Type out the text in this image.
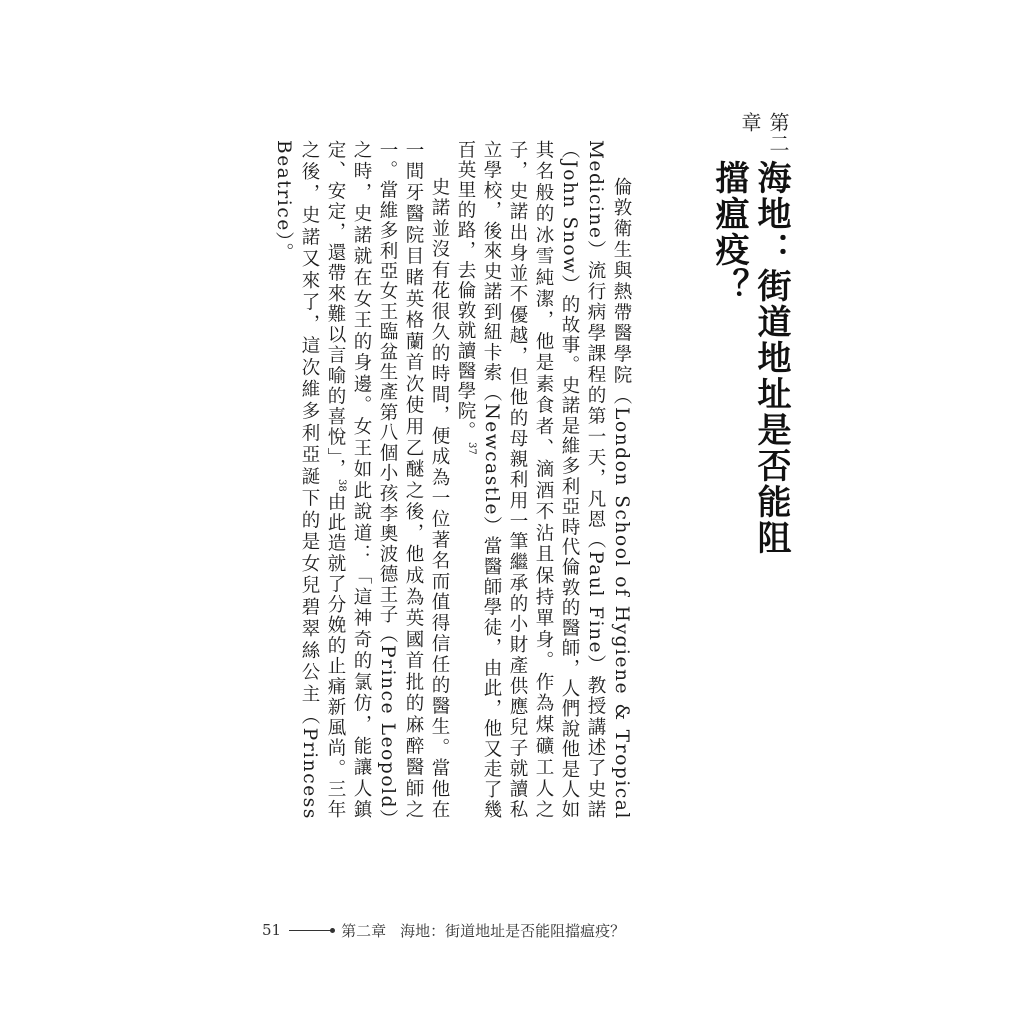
第二章
海地：街道地址是否能阻擋瘟疫？

倫敦衛生與熱帶醫學院（London School of Hygiene & Tropical Medicine）流行病學課程的第一天，凡恩（Paul Fine）教授講述了史諾（John Snow）的故事。史諾是維多利亞時代倫敦的醫師，人們說他是人如其名般的冰雪純潔，他是素食者、滴酒不沾且保持單身。作為煤礦工人之子，史諾出身並不優越，但他的母親利用一筆繼承的小財產供應兒子就讀私立學校，後來史諾到紐卡索（Newcastle）當醫師學徒，由此，他又走了幾百英里的路，去倫敦就讀醫學院。37

史諾並沒有花很久的時間，便成為一位著名而值得信任的醫生。當他在一間牙醫院目睹英格蘭首次使用乙醚之後，他成為英國首批的麻醉醫師之一。當維多利亞女王臨盆生產第八個小孩李奧波德王子（Prince Leopold）之時，史諾就在女王的身邊。女王如此說道：「這神奇的氯仿，能讓人鎮定、安定，還帶來難以言喻的喜悅」，38由此造就了分娩的止痛新風尚。三年之後，史諾又來了，這次維多利亞誕下的是女兒碧翠絲公主（Princess Beatrice）。

51	第二章 海地：街道地址是否能阻擋瘟疫？
